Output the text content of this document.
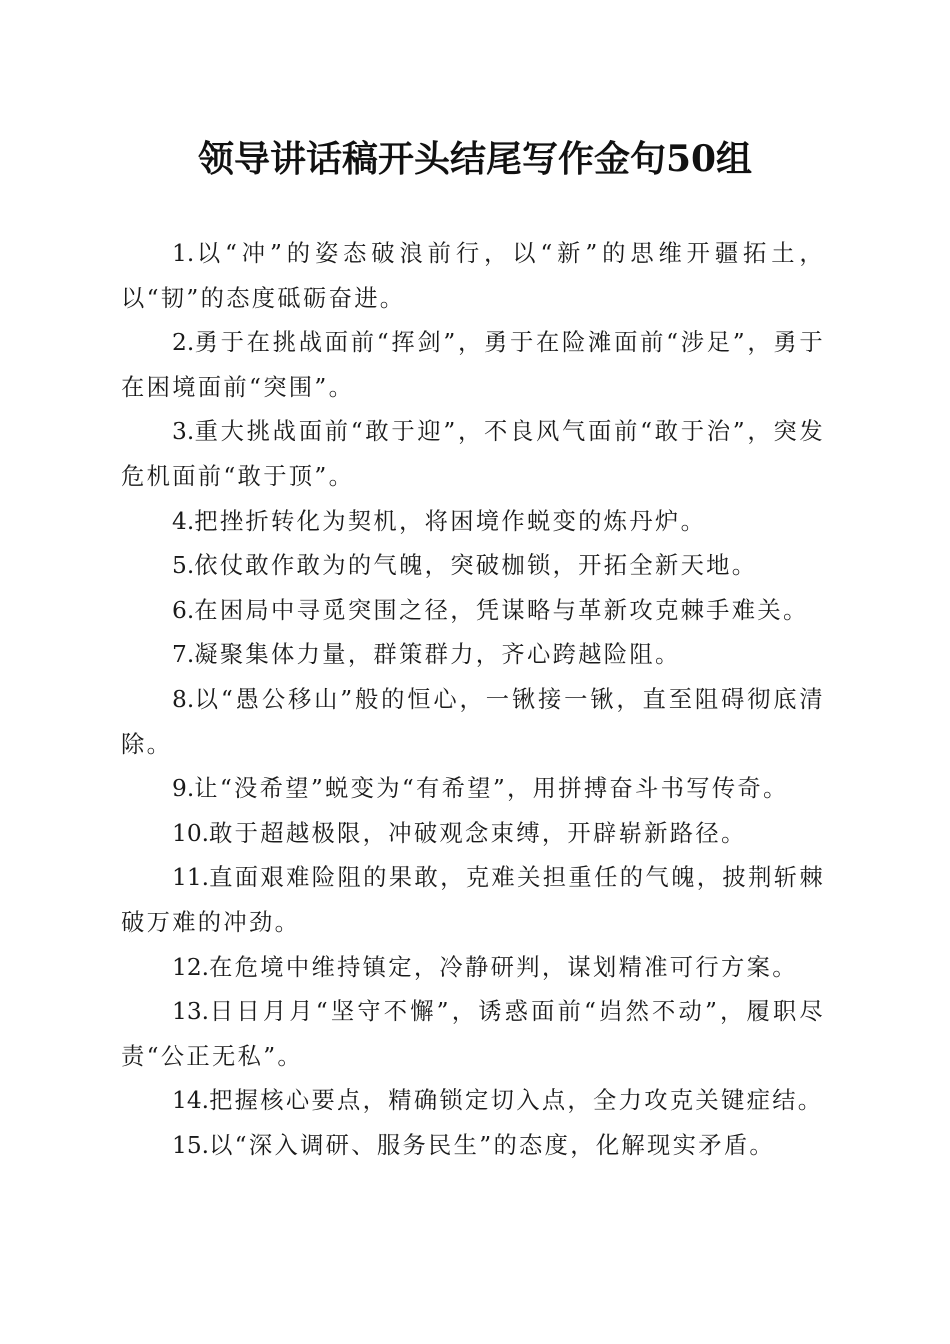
领导讲话稿开头结尾写作金句50组

1.以“冲”的姿态破浪前行，以“新”的思维开疆拓土，以“韧”的态度砥砺奋进。

2.勇于在挑战面前“挥剑”，勇于在险滩面前“涉足”，勇于在困境面前“突围”。

3.重大挑战面前“敢于迎”，不良风气面前“敢于治”，突发危机面前“敢于顶”。

4.把挫折转化为契机，将困境作蜕变的炼丹炉。

5.依仗敢作敢为的气魄，突破枷锁，开拓全新天地。

6.在困局中寻觅突围之径，凭谋略与革新攻克棘手难关。

7.凝聚集体力量，群策群力，齐心跨越险阻。

8.以“愚公移山”般的恒心，一锹接一锹，直至阻碍彻底清除。

9.让“没希望”蜕变为“有希望”，用拼搏奋斗书写传奇。

10.敢于超越极限，冲破观念束缚，开辟崭新路径。

11.直面艰难险阻的果敢，克难关担重任的气魄，披荆斩棘破万难的冲劲。

12.在危境中维持镇定，冷静研判，谋划精准可行方案。

13.日日月月“坚守不懈”，诱惑面前“岿然不动”，履职尽责“公正无私”。

14.把握核心要点，精确锁定切入点，全力攻克关键症结。

15.以“深入调研、服务民生”的态度，化解现实矛盾。
